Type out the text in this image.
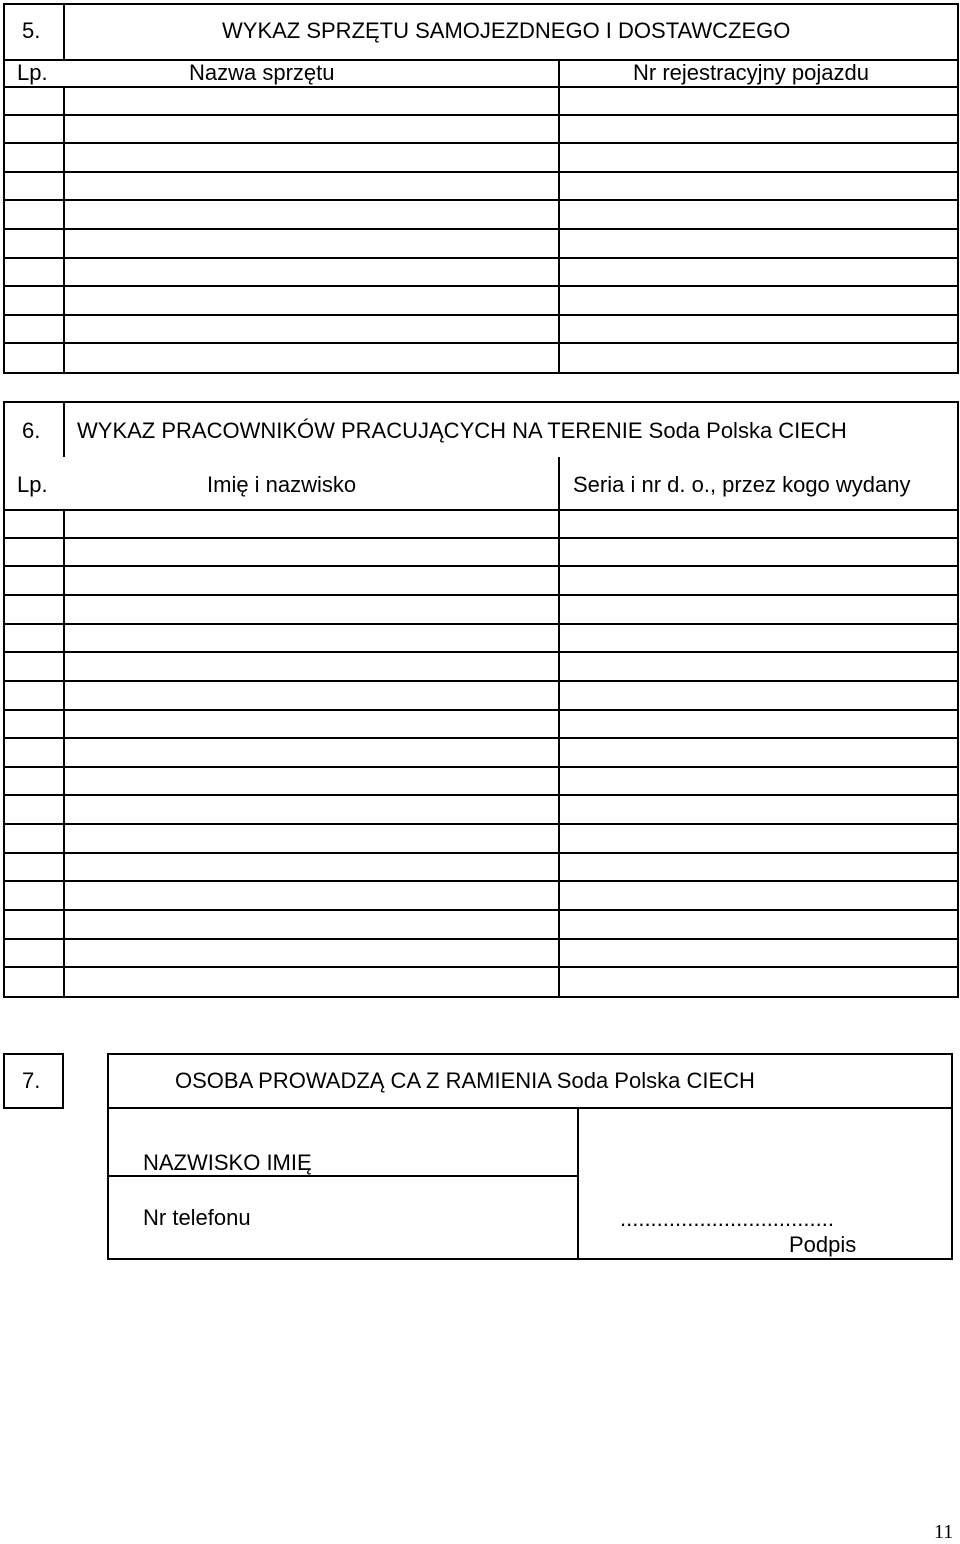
5.	WYKAZ SPRZĘTU SAMOJEZDNEGO I DOSTAWCZEGO
Lp.	Nazwa sprzętu	Nr rejestracyjny pojazdu
6. WYKAZ PRACOWNIKÓW PRACUJĄCYCH NA TERENIE Soda Polska CIECH
Lp.	Imię i nazwisko	Seria i nr d. o., przez kogo wydany
7.	OSOBA PROWADZĄ CA Z RAMIENIA Soda Polska CIECH
NAZWISKO IMIĘ
Nr telefonu	...................................
Podpis
11
